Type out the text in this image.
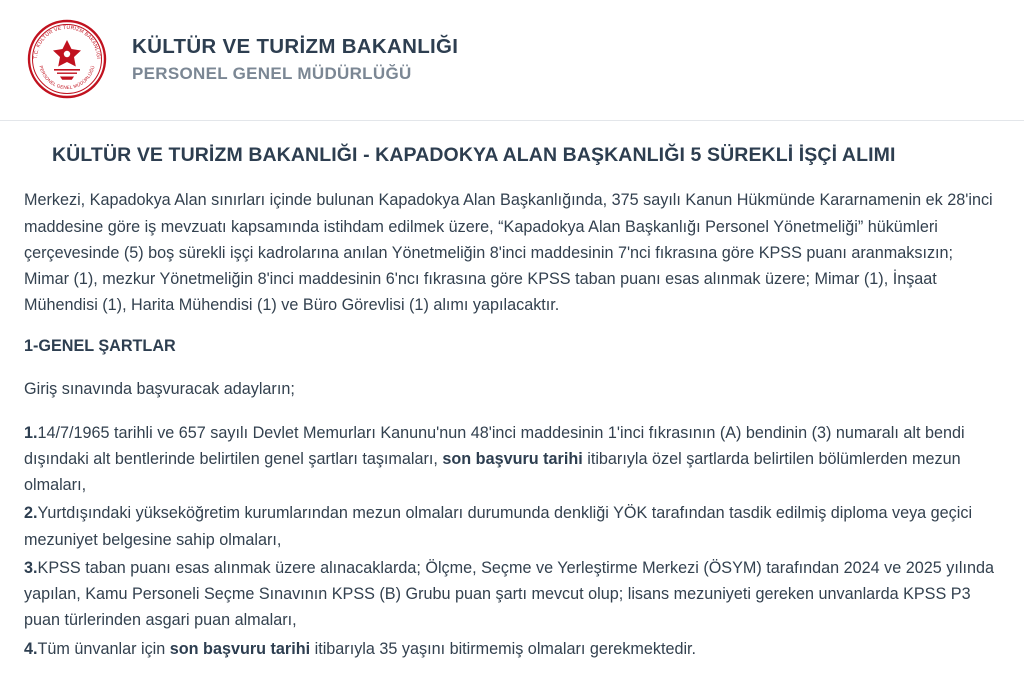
T.C. KÜLTÜR VE TURİZM BAKANLIĞI
PERSONEL GENEL MÜDÜRLÜĞÜ
KÜLTÜR VE TURİZM BAKANLIĞI
PERSONEL GENEL MÜDÜRLÜĞÜ
KÜLTÜR VE TURİZM BAKANLIĞI - KAPADOKYA ALAN BAŞKANLIĞI 5 SÜREKLİ İŞÇİ ALIMI

Merkezi, Kapadokya Alan sınırları içinde bulunan Kapadokya Alan Başkanlığında, 375 sayılı Kanun Hükmünde Kararnamenin ek 28'inci maddesine göre iş mevzuatı kapsamında istihdam edilmek üzere, “Kapadokya Alan Başkanlığı Personel Yönetmeliği” hükümleri çerçevesinde (5) boş sürekli işçi kadrolarına anılan Yönetmeliğin 8'inci maddesinin 7'nci fıkrasına göre KPSS puanı aranmaksızın; Mimar (1), mezkur Yönetmeliğin 8'inci maddesinin 6'ncı fıkrasına göre KPSS taban puanı esas alınmak üzere; Mimar (1), İnşaat Mühendisi (1), Harita Mühendisi (1) ve Büro Görevlisi (1) alımı yapılacaktır.

1-GENEL ŞARTLAR

Giriş sınavında başvuracak adayların;

1.14/7/1965 tarihli ve 657 sayılı Devlet Memurları Kanunu'nun 48'inci maddesinin 1'inci fıkrasının (A) bendinin (3) numaralı alt bendi dışındaki alt bentlerinde belirtilen genel şartları taşımaları, son başvuru tarihi itibarıyla özel şartlarda belirtilen bölümlerden mezun olmaları,
2.Yurtdışındaki yükseköğretim kurumlarından mezun olmaları durumunda denkliği YÖK tarafından tasdik edilmiş diploma veya geçici mezuniyet belgesine sahip olmaları,
3.KPSS taban puanı esas alınmak üzere alınacaklarda; Ölçme, Seçme ve Yerleştirme Merkezi (ÖSYM) tarafından 2024 ve 2025 yılında yapılan, Kamu Personeli Seçme Sınavının KPSS (B) Grubu puan şartı mevcut olup; lisans mezuniyeti gereken unvanlarda KPSS P3 puan türlerinden asgari puan almaları,
4.Tüm ünvanlar için son başvuru tarihi itibarıyla 35 yaşını bitirmemiş olmaları gerekmektedir.
